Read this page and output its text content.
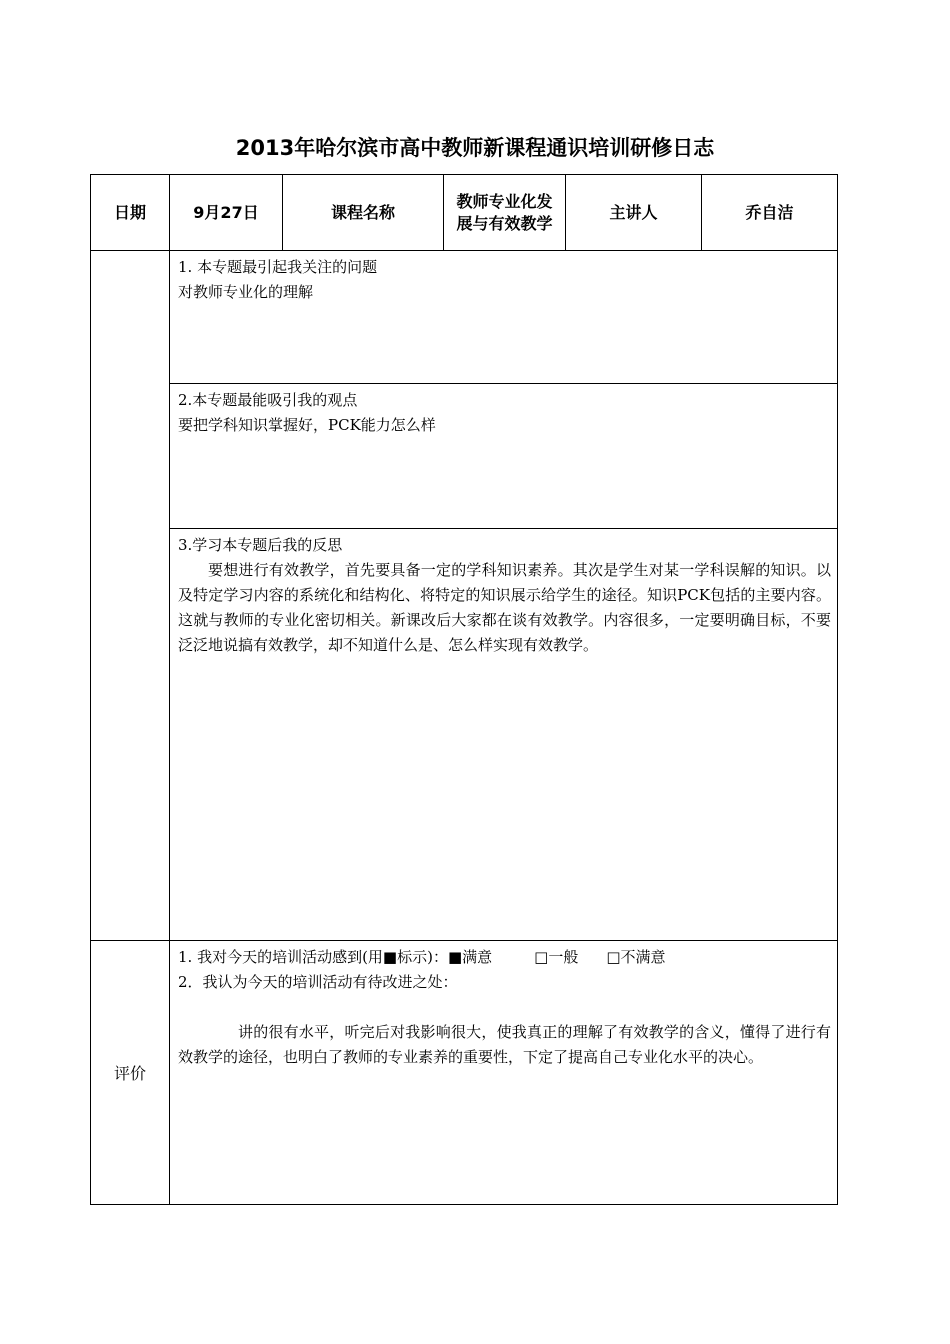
2013年哈尔滨市高中教师新课程通识培训研修日志
日期	9月27日	课程名称	教师专业化发展与有效教学	主讲人	乔自洁

	1. 本专题最引起我关注的问题

对教师专业化的理解				

	2.本专题最能吸引我的观点

要把学科知识掌握好，PCK能力怎么样				

	3.学习本专题后我的反思

要想进行有效教学，首先要具备一定的学科知识素养。其次是学生对某一学科误解的知识。以及特定学习内容的系统化和结构化、将特定的知识展示给学生的途径。知识PCK包括的主要内容。这就与教师的专业化密切相关。新课改后大家都在谈有效教学。内容很多，一定要明确目标，不要泛泛地说搞有效教学，却不知道什么是、怎么样实现有效教学。				

评价	1. 我对今天的培训活动感到(用■标示)：■满意 □一般 □不满意

2．我认为今天的培训活动有待改进之处：

讲的很有水平，听完后对我影响很大，使我真正的理解了有效教学的含义，懂得了进行有效教学的途径，也明白了教师的专业素养的重要性，下定了提高自己专业化水平的决心。				
